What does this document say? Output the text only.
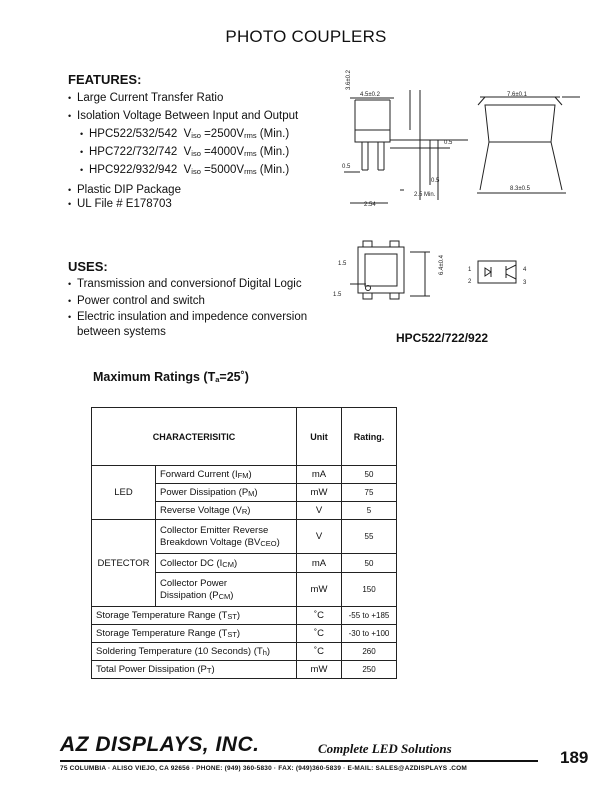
PHOTO COUPLERS
FEATURES:
• Large Current Transfer Ratio
• Isolation Voltage Between Input and Output
• HPC522/532/542 $V_{iso} =2500V_{rms}$ (Min.)
• HPC722/732/742 $V_{iso} =4000V_{rms}$ (Min.)
• HPC922/932/942 $V_{iso} =5000V_{rms}$ (Min.)
• Plastic DIP Package
• UL File # E178703
USES:
• Transmission and conversionof Digital Logic
• Power control and switch
• Electric insulation and impedence conversion
between systems
4.5±0.2
3.6±0.2
7.6±0.1
0.5
0.5
0.5
2.5 Min.
2.54
8.3±0.5
1.5
1.5
6.4±0.4	1
2	3
4
HPC522/722/922
Maximum Ratings $(T_a=25˚)$
CHARACTERISITIC		Unit	Rating.
LED	Forward Current $(I_{FM})$	mA	50
	Power Dissipation $(P_M)$	mW	75
	Reverse Voltage $(V_R)$	V	5
DETECTOR	Collector Emitter Reverse
Breakdown Voltage $(BV_{CEO})$	V	55
	Collector DC $(I_{CM})$	mA	50
	Collector Power
Dissipation $(P_{CM})$	mW	150
Storage Temperature Range $(T_{ST})$		˚C	-55 to +185
Storage Temperature Range $(T_{ST})$		˚C	-30 to +100
Soldering Temperature (10 Seconds) $(T_h)$		˚C	260
Total Power Dissipation $(P_T)$		mW	250
AZ DISPLAYS, INC.	Complete LED Solutions	189
75 COLUMBIA · ALISO VIEJO, CA 92656 · PHONE: (949) 360-5830 · FAX: (949)360-5839 · E-MAIL: SALES@AZDISPLAYS .COM
